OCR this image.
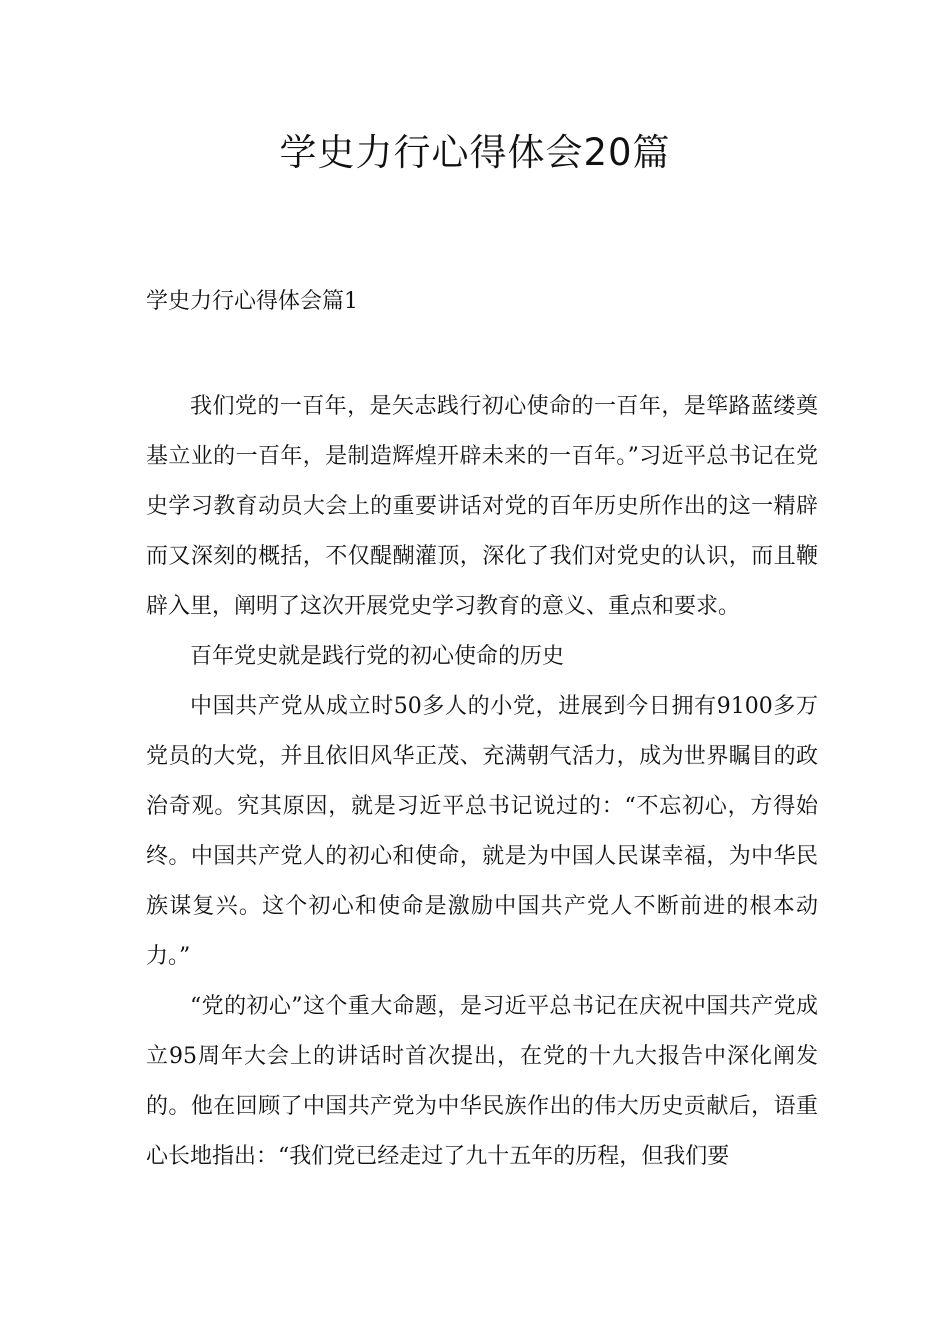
学史力行心得体会20篇
学史力行心得体会篇1

我们党的一百年，是矢志践行初心使命的一百年，是筚路蓝缕奠基立业的一百年，是制造辉煌开辟未来的一百年。”习近平总书记在党史学习教育动员大会上的重要讲话对党的百年历史所作出的这一精辟而又深刻的概括，不仅醍醐灌顶，深化了我们对党史的认识，而且鞭辟入里，阐明了这次开展党史学习教育的意义、重点和要求。

百年党史就是践行党的初心使命的历史

中国共产党从成立时50多人的小党，进展到今日拥有9100多万党员的大党，并且依旧风华正茂、充满朝气活力，成为世界瞩目的政治奇观。究其原因，就是习近平总书记说过的：“不忘初心，方得始终。中国共产党人的初心和使命，就是为中国人民谋幸福，为中华民族谋复兴。这个初心和使命是激励中国共产党人不断前进的根本动力。”

“党的初心”这个重大命题，是习近平总书记在庆祝中国共产党成立95周年大会上的讲话时首次提出，在党的十九大报告中深化阐发的。他在回顾了中国共产党为中华民族作出的伟大历史贡献后，语重心长地指出：“我们党已经走过了九十五年的历程，但我们要
